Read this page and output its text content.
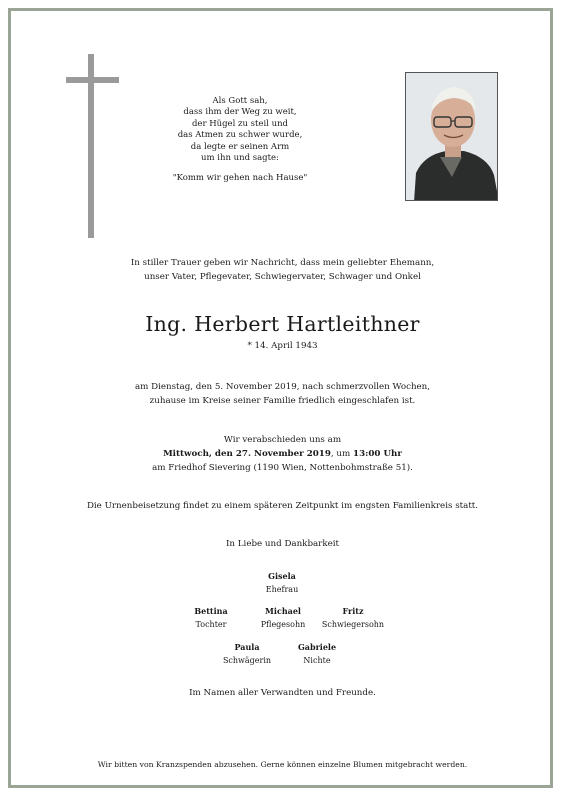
Als Gott sah,
dass ihm der Weg zu weit,
der Hügel zu steil und
das Atmen zu schwer wurde,
da legte er seinen Arm
um ihn und sagte:
"Komm wir gehen nach Hause"
In stiller Trauer geben wir Nachricht, dass mein geliebter Ehemann,
unser Vater, Pflegevater, Schwiegervater, Schwager und Onkel
Ing. Herbert Hartleithner
* 14. April 1943
am Dienstag, den 5. November 2019, nach schmerzvollen Wochen,
zuhause im Kreise seiner Familie friedlich eingeschlafen ist.
Wir verabschieden uns am
Mittwoch, den 27. November 2019, um 13:00 Uhr
am Friedhof Sievering (1190 Wien, Nottenbohmstraße 51).
Die Urnenbeisetzung findet zu einem späteren Zeitpunkt im engsten Familienkreis statt.
In Liebe und Dankbarkeit
Gisela
Ehefrau
Bettina
Tochter
Michael
Pflegesohn
Fritz
Schwiegersohn
Paula
Schwägerin
Gabriele
Nichte
Im Namen aller Verwandten und Freunde.
Wir bitten von Kranzspenden abzusehen. Gerne können einzelne Blumen mitgebracht werden.
